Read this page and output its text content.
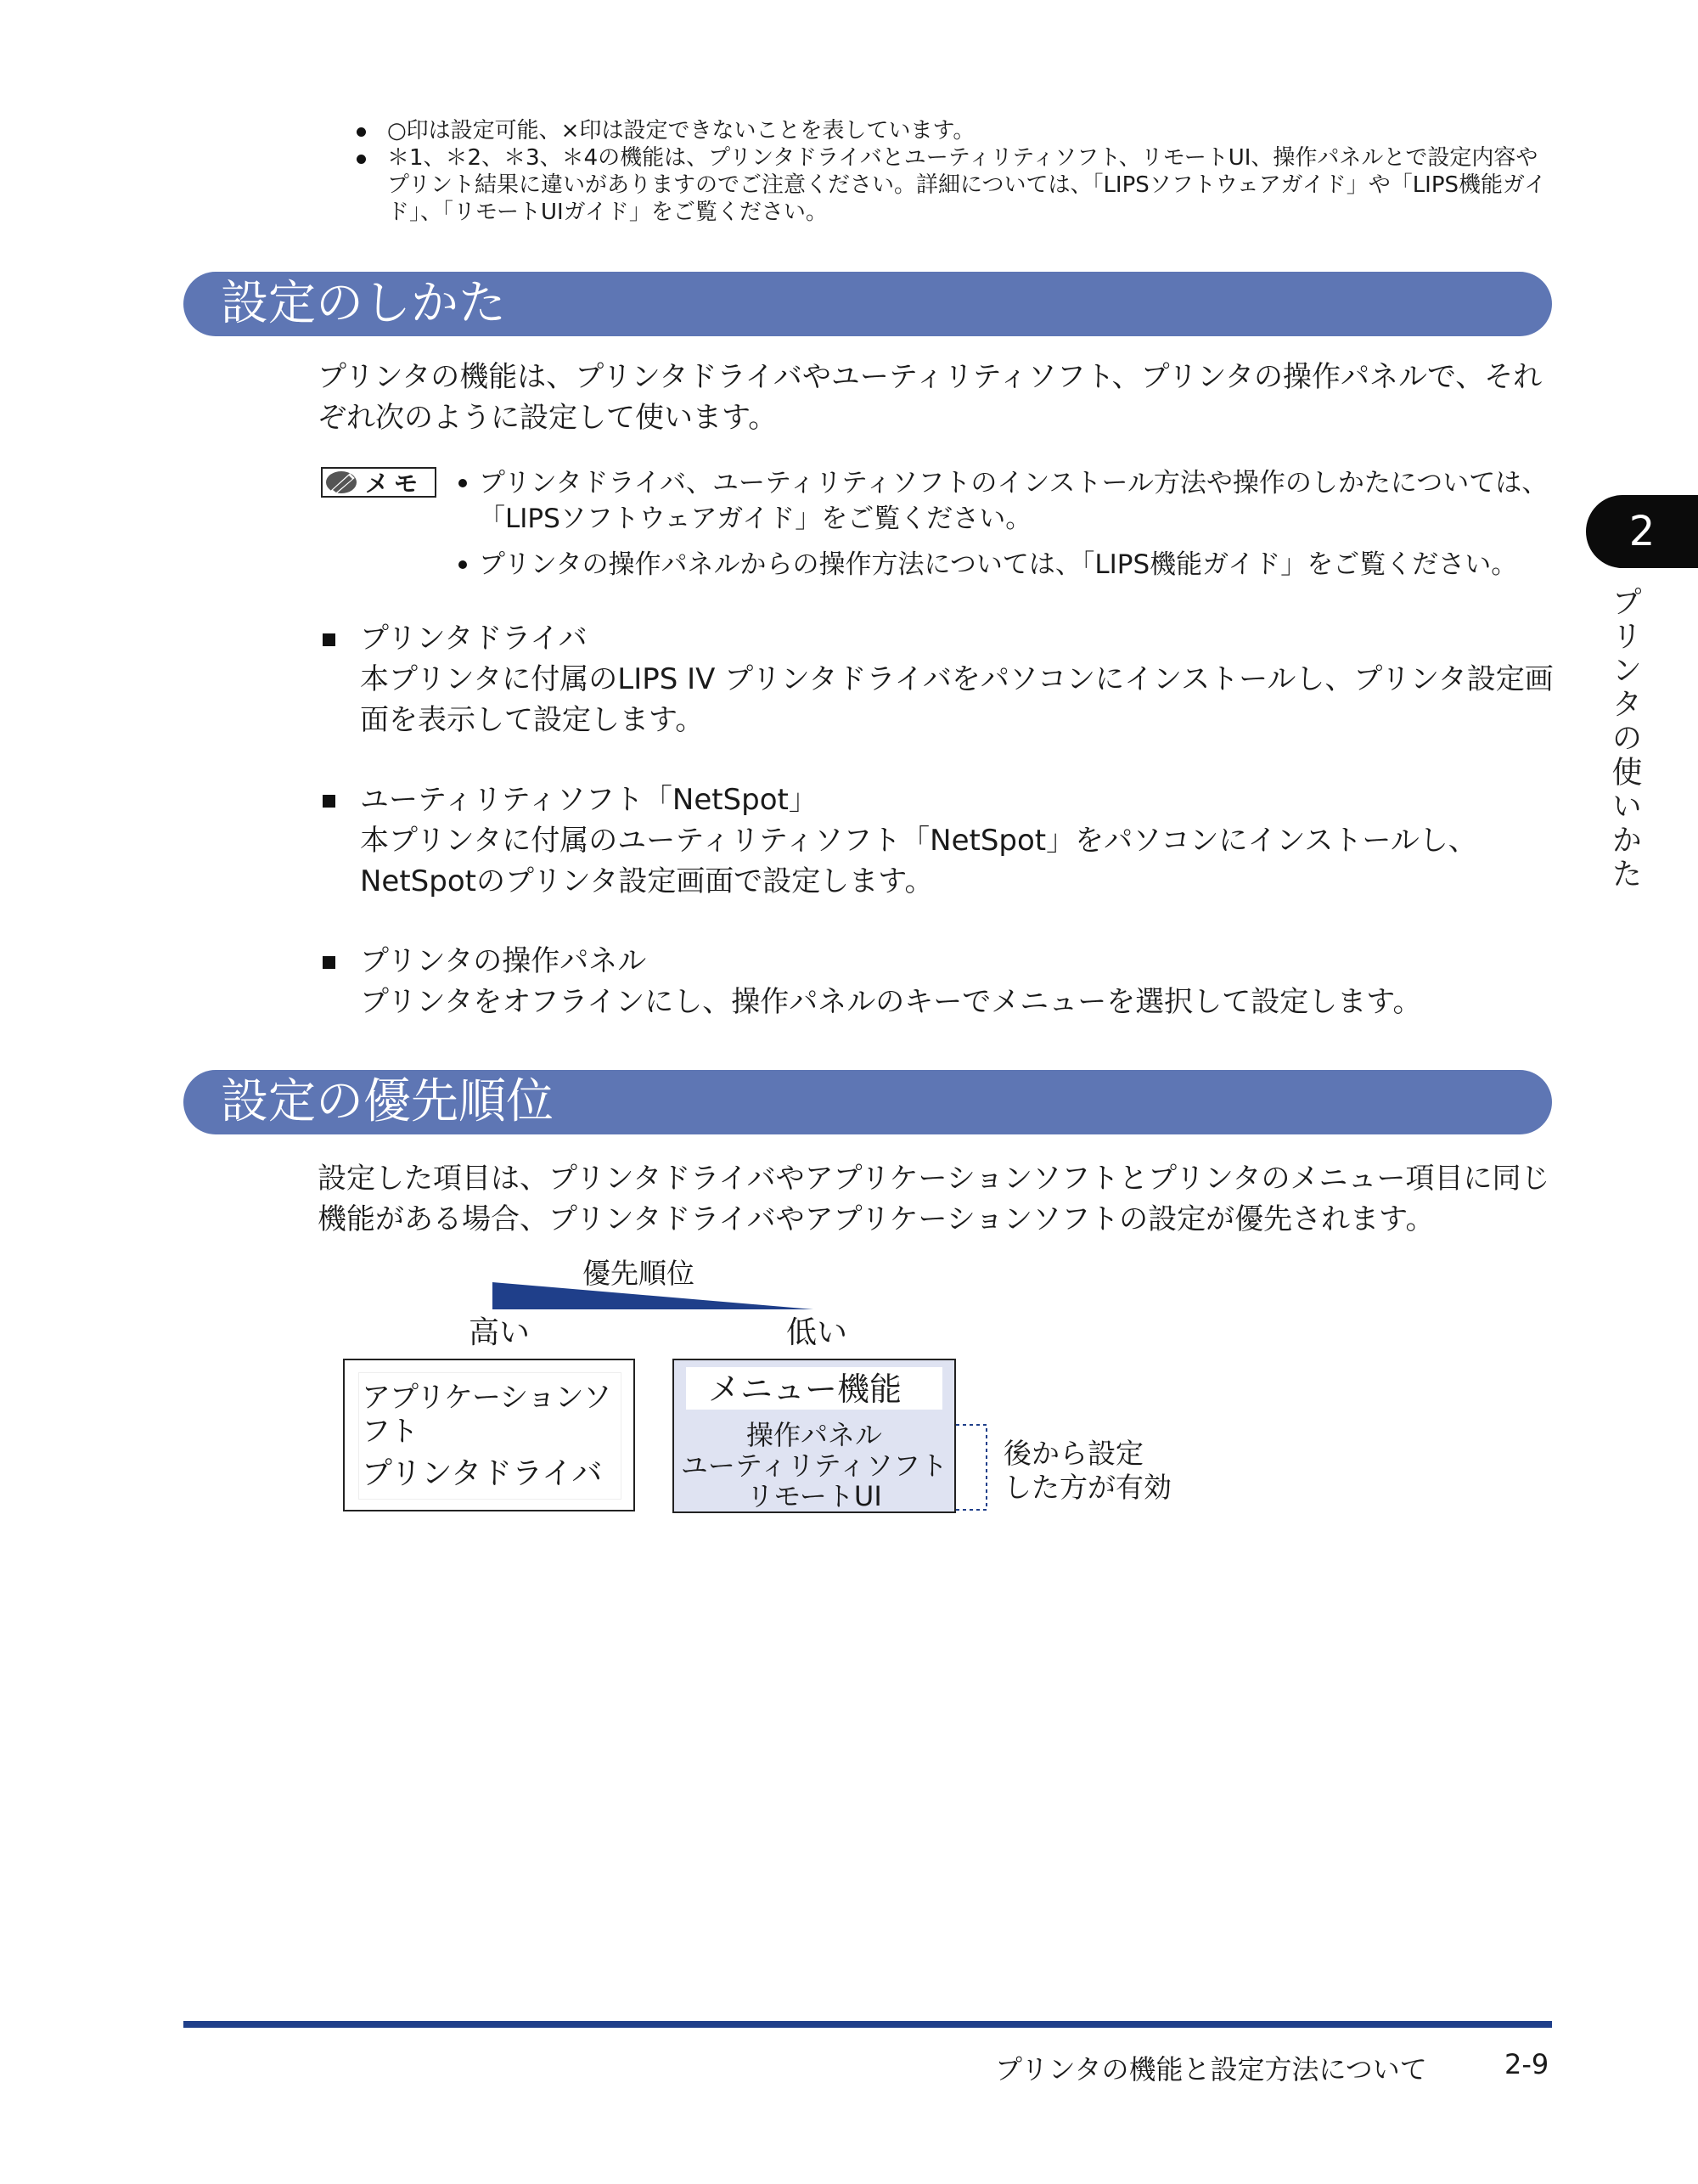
○印は設定可能、×印は設定できないことを表しています。
＊1、＊2、＊3、＊4の機能は、プリンタドライバとユーティリティソフト、リモートUI、操作パネルとで設定内容やプリント結果に違いがありますのでご注意ください。詳細については、「LIPSソフトウェアガイド」や「LIPS機能ガイド」、「リモートUIガイド」をご覧ください。
設定のしかた
プリンタの機能は、プリンタドライバやユーティリティソフト、プリンタの操作パネルで、それぞれ次のように設定して使います。
メモ	プリンタドライバ、ユーティリティソフトのインストール方法や操作のしかたについては、「LIPSソフトウェアガイド」をご覧ください。
プリンタの操作パネルからの操作方法については、「LIPS機能ガイド」をご覧ください。
プリンタドライバ
本プリンタに付属のLIPS IV プリンタドライバをパソコンにインストールし、プリンタ設定画面を表示して設定します。
ユーティリティソフト「NetSpot」
本プリンタに付属のユーティリティソフト「NetSpot」をパソコンにインストールし、NetSpotのプリンタ設定画面で設定します。
プリンタの操作パネル
プリンタをオフラインにし、操作パネルのキーでメニューを選択して設定します。
設定の優先順位
設定した項目は、プリンタドライバやアプリケーションソフトとプリンタのメニュー項目に同じ機能がある場合、プリンタドライバやアプリケーションソフトの設定が優先されます。
優先順位
高い	低い
アプリケーションソフト
プリンタドライバ
メニュー機能
操作パネル
ユーティリティソフト
リモートUI
後から設定
した方が有効
2
プリンタの使いかた
プリンタの機能と設定方法について	2-9
